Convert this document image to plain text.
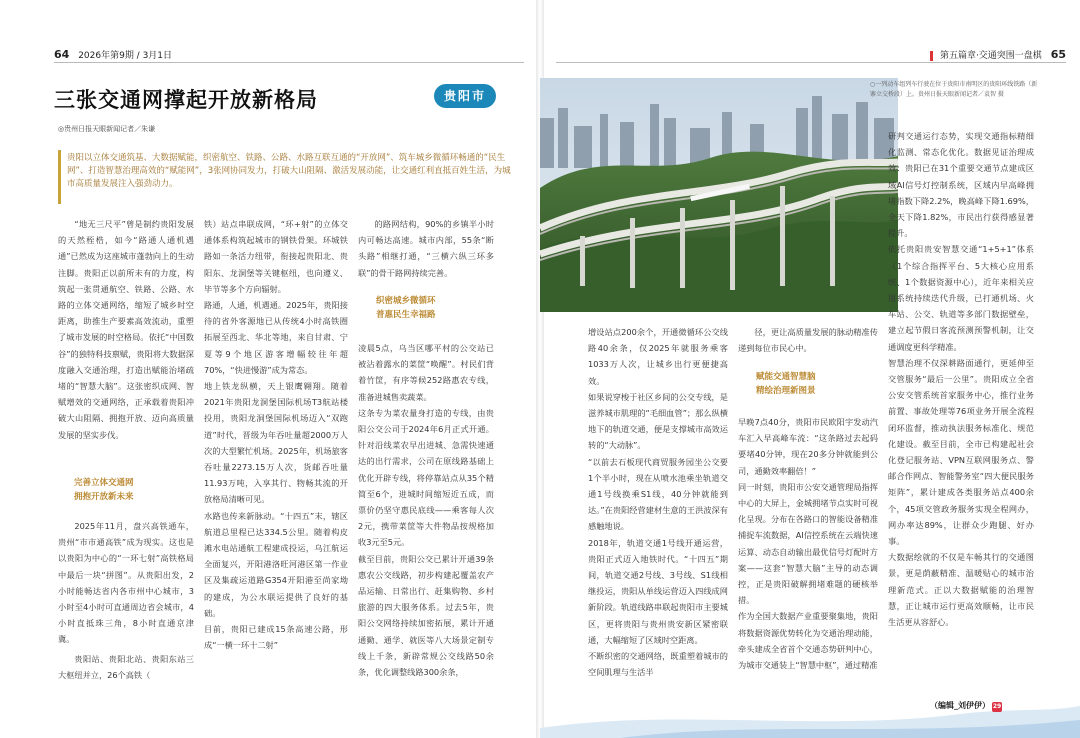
64 2026年第9期 / 3月1日
三张交通网撑起开放新格局	贵阳市
◎贵州日报天眼新闻记者／朱谦
贵阳以立体交通筑基、大数据赋能，织密航空、铁路、公路、水路互联互通的“开放网”、筑车城乡微循环畅通的“民生网”、打造智慧治理高效的“赋能网”，3张网协同发力，打破大山阻隔、激活发展动能，让交通红利直抵百姓生活，为城市高质量发展注入强劲动力。
“地无三尺平”曾是制约贵阳发展的天然桎梏，如今“路通人通机遇通”已然成为这座城市蓬勃向上的生动注脚。贵阳正以前所未有的力度，构筑起一张贯通航空、铁路、公路、水路的立体交通网络，缩短了城乡时空距离，助推生产要素高效流动，重塑了城市发展的时空格局。依托“中国数谷”的独特科技禀赋，贵阳将大数据深度融入交通治理，打造出赋能治堵疏堵的“智慧大脑”。这张密织成网、智赋增效的交通网络，正承载着贵阳冲破大山阻隔、拥抱开放、迈向高质量发展的坚实步伐。
完善立体交通网
拥抱开放新未来
2025年11月，盘兴高铁通车，贵州“市市通高铁”成为现实。这也是以贵阳为中心的“一环七射”高铁格局中最后一块“拼图”。从贵阳出发，2小时能畅达省内各市州中心城市，3小时至4小时可直通周边省会城市，4小时直抵珠三角，8小时直通京津冀。
贵阳站、贵阳北站、贵阳东站三大枢纽并立，26个高铁（
铁）站点串联成网，“环+射”的立体交通体系构筑起城市的钢铁骨架。环城铁路如一条活力纽带，衔接起贵阳北、贵阳东、龙洞堡等关键枢纽，也向遵义、毕节等多个方向辐射。
路通，人通，机遇通。2025年，贵阳接待的省外客源地已从传统4小时高铁圈拓展至西北、华北等地，来自甘肃、宁夏等9个地区游客增幅较往年超70%，“快进慢游”成为常态。
地上铁龙纵横，天上银鹰翱翔。随着2021年贵阳龙洞堡国际机场T3航站楼投用，贵阳龙洞堡国际机场迈入“双跑道”时代，晋级为年吞吐量超2000万人次的大型繁忙机场。2025年，机场旅客吞吐量2273.15万人次，货邮吞吐量11.93万吨，入享其行、物畅其流的开放格局清晰可见。
水路也传来新脉动。“十四五”末，辖区航道总里程已达334.5公里。随着构皮滩水电站通航工程建成投运，乌江航运全面复兴，开阳港洛旺河港区第一作业区及集疏运道路G354开阳港至尚家坳的建成，为公水联运提供了良好的基础。
目前，贵阳已建成15条高速公路，形成“一横一环十二射”
的路网结构，90%的乡镇半小时内可畅达高速。城市内部，55条“断头路”相继打通，“三横六纵三环多联”的骨干路网持续完善。
织密城乡微循环
普惠民生幸福路
凌晨5点，乌当区哪平村的公交站已被沾着露水的菜筐“唤醒”。村民们背着竹筐，有序等候252路惠农专线，准备进城售卖蔬菜。
这条专为菜农量身打造的专线，由贵阳公交公司于2024年6月正式开通。针对沿线菜农早出进城、急需快速通达的出行需求，公司在原线路基础上优化开辟专线，将停靠站点从35个精简至6个，进城时间缩短近五成，而票价仍坚守惠民底线——乘客每人次2元，携带菜筐等大件物品按规格加收3元至5元。
截至目前，贵阳公交已累计开通39条惠农公交线路，初步构建起覆盖农产品运输、日常出行、赶集购物、乡村旅游的四大服务体系。过去5年，贵阳公交网络持续加密拓展，累计开通通勤、通学、就医等八大场景定制专线上千条，新辟常规公交线路50余条，优化调整线路300余条，
○一列动车组列车行驶在位于贵阳市南明区的贵阳环线铁路（新寨立交桥段）上。贵州日报天眼新闻记者／袁智 摄
第五篇章·交通突围一盘棋 65
增设站点200余个，开通微循环公交线路40余条，仅2025年就服务乘客1033万人次，让城乡出行更便捷高效。
如果说穿梭于社区乡间的公交专线，是滋养城市肌理的“毛细血管”；那么纵横地下的轨道交通，便是支撑城市高效运转的“大动脉”。
“以前去石板现代商贸服务园坐公交要1个半小时，现在从喷水池乘坐轨道交通1号线换乘S1线，40分钟就能到达。”在贵阳经营建材生意的王洪波深有感触地说。
2018年，轨道交通1号线开通运营，贵阳正式迈入地铁时代。“十四五”期间，轨道交通2号线、3号线、S1线相继投运，贵阳从单线运营迈入四线成网新阶段。轨道线路串联起贵阳市主要城区，更将贵阳与贵州贵安新区紧密联通，大幅缩短了区域时空距离。
不断织密的交通网络，既重塑着城市的空间肌理与生活半
径，更让高质量发展的脉动精准传递到每位市民心中。
赋能交通智慧脑
精绘治理新图景
早晚7点40分，贵阳市民欧阳宇发动汽车汇入早高峰车流：“这条路过去起码要堵40分钟，现在20多分钟就能到公司，通勤效率翻倍！”
同一时刻，贵阳市公安交通管理局指挥中心的大屏上，金城拥堵节点实时可视化呈现。分布在各路口的智能设备精准捕捉车流数据，AI信控系统在云端快速运算、动态自动输出最优信号灯配时方案——这套“智慧大脑”主导的动态调控，正是贵阳破解拥堵难题的硬核举措。
作为全国大数据产业重要聚集地，贵阳将数据资源优势转化为交通治理动能，牵头建成全省首个交通态势研判中心，为城市交通装上“智慧中枢”，通过精准
研判交通运行态势，实现交通指标精细化监测、常态化优化。数据见证治理成效：贵阳已在31个重要交通节点建成区域AI信号灯控制系统，区域内早高峰拥堵指数下降2.2%，晚高峰下降1.69%，全天下降1.82%，市民出行获得感显著提升。
依托贵阳贵安智慧交通“1+5+1”体系（1个综合指挥平台、5大核心应用系统、1个数据资源中心），近年来相关应用系统持续迭代升级，已打通机场、火车站、公交、轨道等多部门数据壁垒，建立起节假日客流预测预警机制，让交通调度更科学精准。
智慧治理不仅深耕路面通行，更延伸至交管服务“最后一公里”。贵阳成立全省公安交管系统首家服务中心，推行业务前置、事故处理等76项业务开展全流程闭环监督，推动执法服务标准化、规范化建设。截至目前，全市已构建起社会化登记服务站、VPN互联网服务点、警邮合作网点、智能警务室“四大便民服务矩阵”，累计建成各类服务站点400余个，45项交管政务服务实现全程网办，网办率达89%，让群众少跑腿、好办事。
大数据绘就的不仅是车畅其行的交通图景，更是荫蔽精准、温暖贴心的城市治理新范式。正以大数据赋能的治理智慧，正让城市运行更高效顺畅，让市民生活更从容舒心。
（编辑_刘伊伊） 29
